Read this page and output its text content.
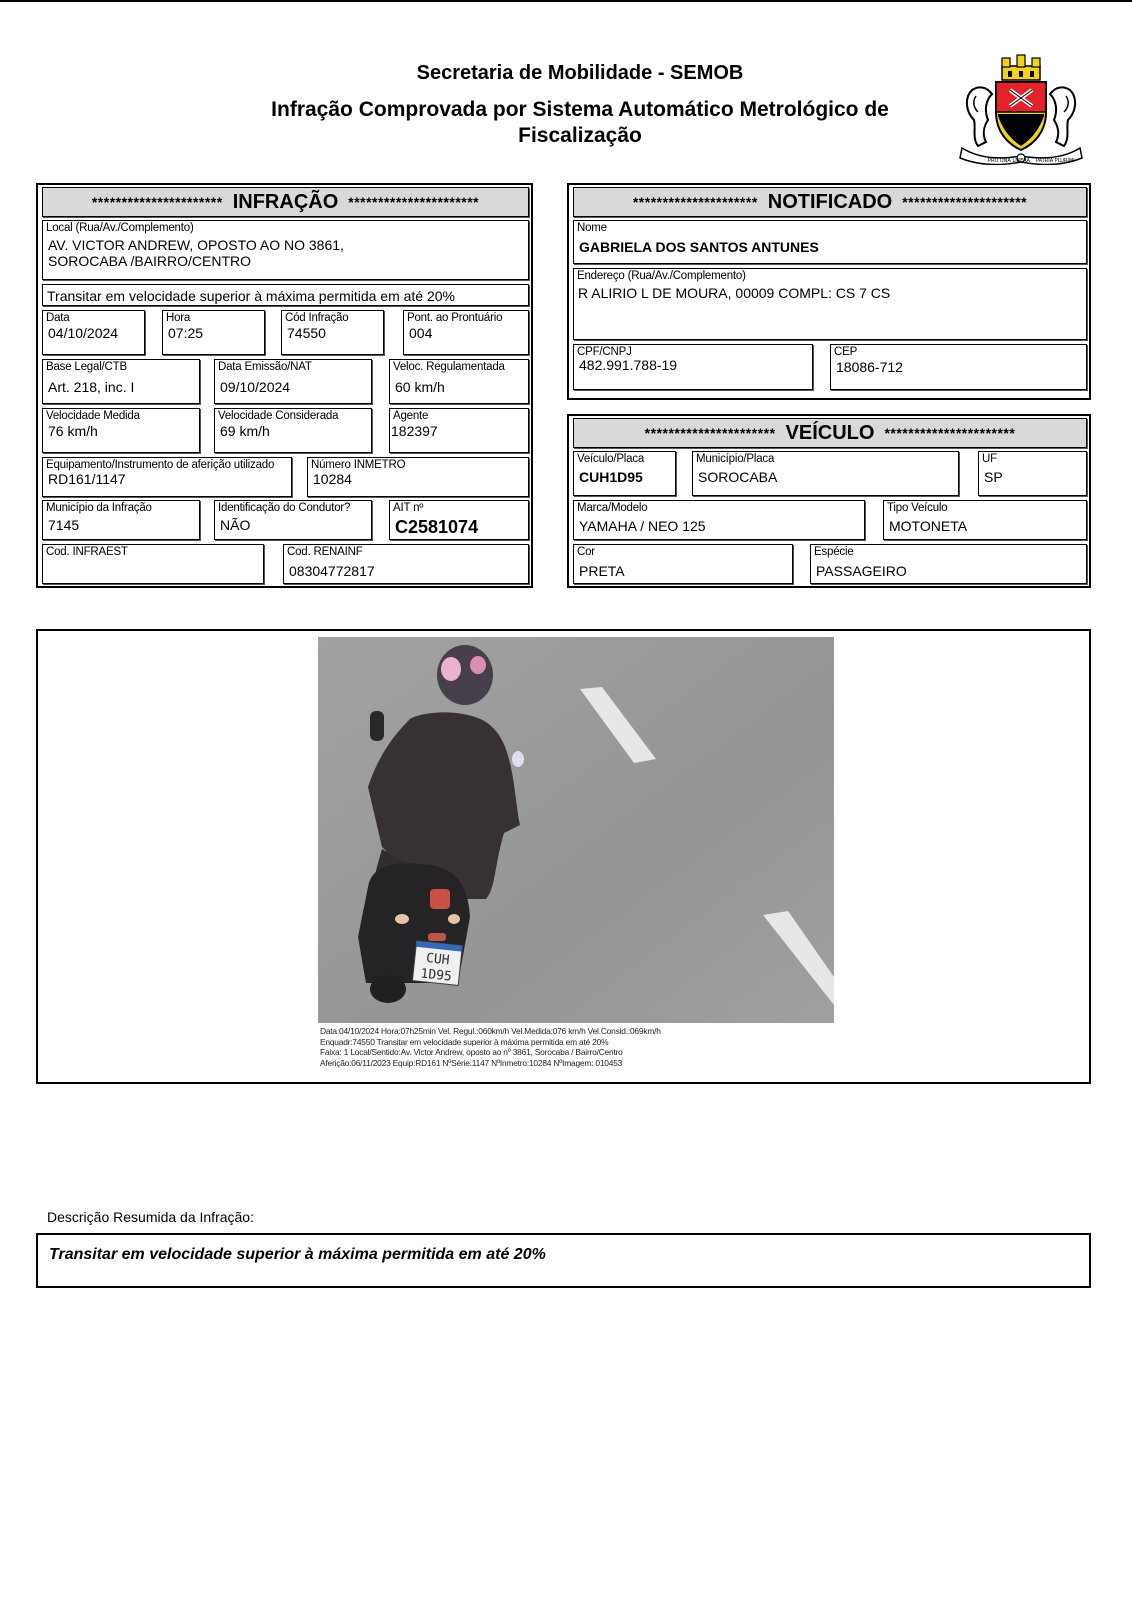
Secretaria de Mobilidade - SEMOB
Infração Comprovada por Sistema Automático Metrológico de
Fiscalização
PRO UNA LIBERA PATRIA PLURIMI
********************** INFRAÇÃO **********************
Local (Rua/Av./Complemento)
AV. VICTOR ANDREW, OPOSTO AO NO 3861,
SOROCABA /BAIRRO/CENTRO
Transitar em velocidade superior à máxima permitida em até 20%
Data
04/10/2024
Hora
07:25
Cód Infração
74550
Pont. ao Prontuário
004
Base Legal/CTB
Art. 218, inc. I
Data Emissão/NAT
09/10/2024
Veloc. Regulamentada
60 km/h
Velocidade Medida
76 km/h
Velocidade Considerada
69 km/h
Agente
182397
Equipamento/Instrumento de aferição utilizado
RD161/1147
Número INMETRO
10284
Município da Infração
7145
Identificação do Condutor?
NÃO
AIT nº
C2581074
Cod. INFRAEST	Cod. RENAINF
08304772817
********************* NOTIFICADO *********************
Nome
GABRIELA DOS SANTOS ANTUNES
Endereço (Rua/Av./Complemento)
R ALIRIO L DE MOURA, 00009 COMPL: CS 7 CS
CPF/CNPJ
482.991.788-19
CEP
18086-712
********************** VEÍCULO **********************
Veículo/Placa
CUH1D95
Município/Placa
SOROCABA
UF
SP
Marca/Modelo
YAMAHA / NEO 125
Tipo Veículo
MOTONETA
Cor
PRETA
Espécie
PASSAGEIRO
CUH
1D95
Data:04/10/2024 Hora:07h25min Vel. Regul.:060km/h Vel.Medida:076 km/h Vel.Consid.:069km/h
Enquadr:74550 Transitar em velocidade superior à máxima permitida em até 20%
Faixa: 1 Local/Sentido:Av. Victor Andrew, oposto ao nº 3861, Sorocaba / Bairro/Centro
Aferição:06/11/2023 Equip:RD161 NºSérie:1147 NºInmetro:10284 NºImagem: 010453
Descrição Resumida da Infração:
Transitar em velocidade superior à máxima permitida em até 20%
